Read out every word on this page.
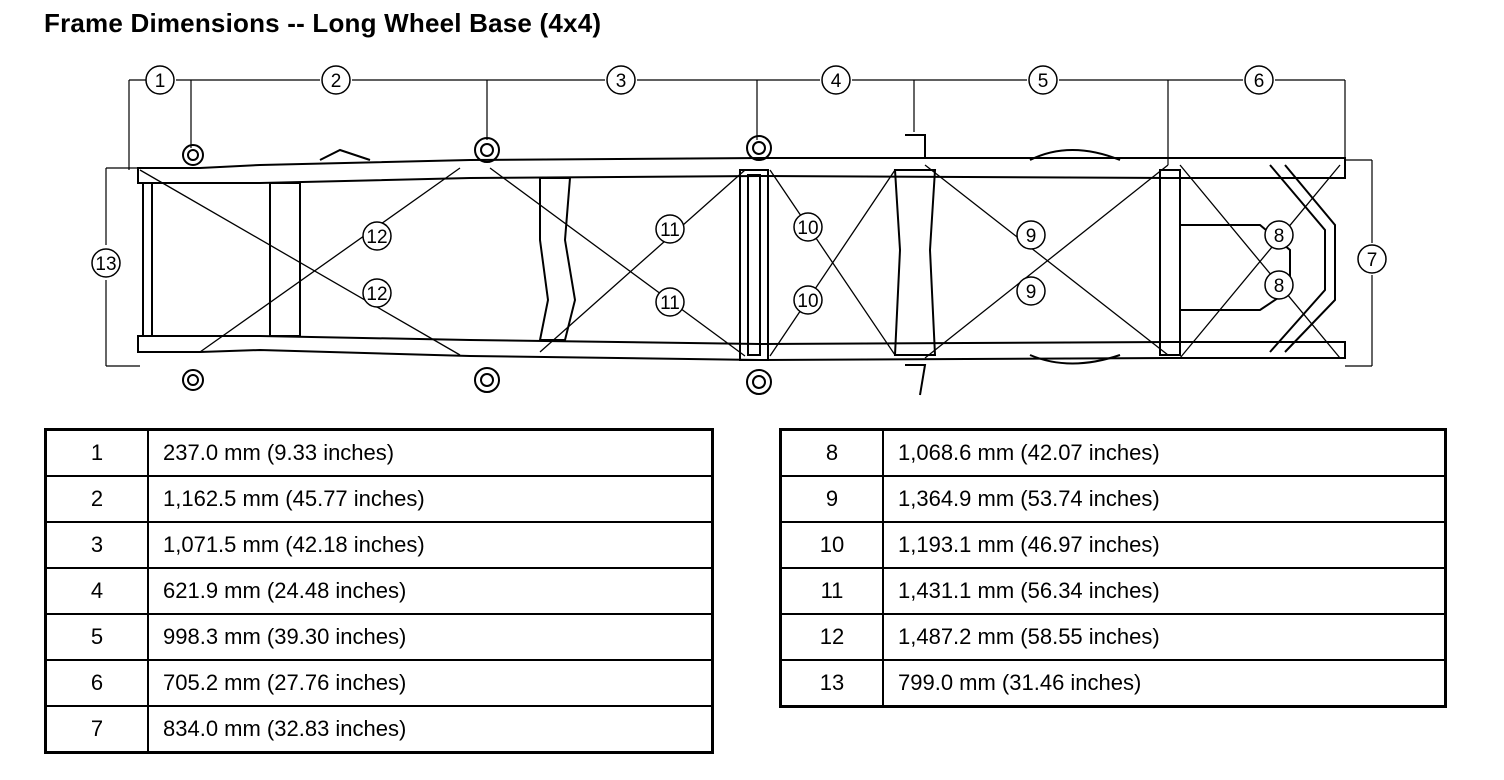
Frame Dimensions -- Long Wheel Base (4x4)
1	2	3	4	5	6
7
8
8
9
9
10
10
11
11
12
12
13
1	237.0 mm (9.33 inches)
2	1,162.5 mm (45.77 inches)
3	1,071.5 mm (42.18 inches)
4	621.9 mm (24.48 inches)
5	998.3 mm (39.30 inches)
6	705.2 mm (27.76 inches)
7	834.0 mm (32.83 inches)
8	1,068.6 mm (42.07 inches)
9	1,364.9 mm (53.74 inches)
10	1,193.1 mm (46.97 inches)
11	1,431.1 mm (56.34 inches)
12	1,487.2 mm (58.55 inches)
13	799.0 mm (31.46 inches)
